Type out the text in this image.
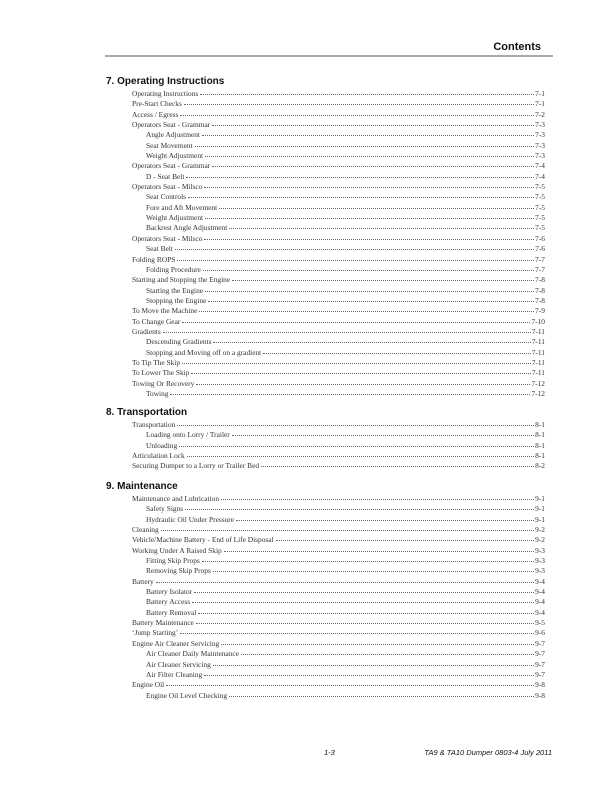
Contents
7. Operating Instructions
Operating Instructions	7-1
Pre-Start Checks	7-1
Access / Egress	7-2
Operators Seat - Grammar	7-3
Angle Adjustment	7-3
Seat Movement	7-3
Weight Adjustment	7-3
Operators Seat - Grammar	7-4
D - Seat Belt	7-4
Operators Seat - Milsco	7-5
Seat Controls	7-5
Fore and Aft Movement	7-5
Weight Adjustment	7-5
Backrest Angle Adjustment	7-5
Operators Seat - Milsco	7-6
Seat Belt	7-6
Folding ROPS	7-7
Folding Procedure	7-7
Starting and Stopping the Engine	7-8
Starting the Engine	7-8
Stopping the Engine	7-8
To Move the Machine	7-9
To Change Gear	7-10
Gradients	7-11
Descending Gradients	7-11
Stopping and Moving off on a gradient	7-11
To Tip The Skip	7-11
To Lower The Skip	7-11
Towing Or Recovery	7-12
Towing	7-12
8. Transportation
Transportation	8-1
Loading onto Lorry / Trailer	8-1
Unloading	8-1
Articulation Lock	8-1
Securing Dumper to a Lorry or Trailer Bed	8-2
9. Maintenance
Maintenance and Lubrication	9-1
Safety Signs	9-1
Hydraulic Oil Under Pressure	9-1
Cleaning	9-2
Vehicle/Machine Battery - End of Life Disposal	9-2
Working Under A Raised Skip	9-3
Fitting Skip Props	9-3
Removing Skip Props	9-3
Battery	9-4
Battery Isolator	9-4
Battery Access	9-4
Battery Removal	9-4
Battery Maintenance	9-5
‘Jump Starting’	9-6
Engine Air Cleaner Servicing	9-7
Air Cleaner Daily Maintenance	9-7
Air Cleaner Servicing	9-7
Air Filter Cleaning	9-7
Engine Oil	9-8
Engine Oil Level Checking	9-8
1-3	TA9 & TA10 Dumper 0803-4 July 2011
